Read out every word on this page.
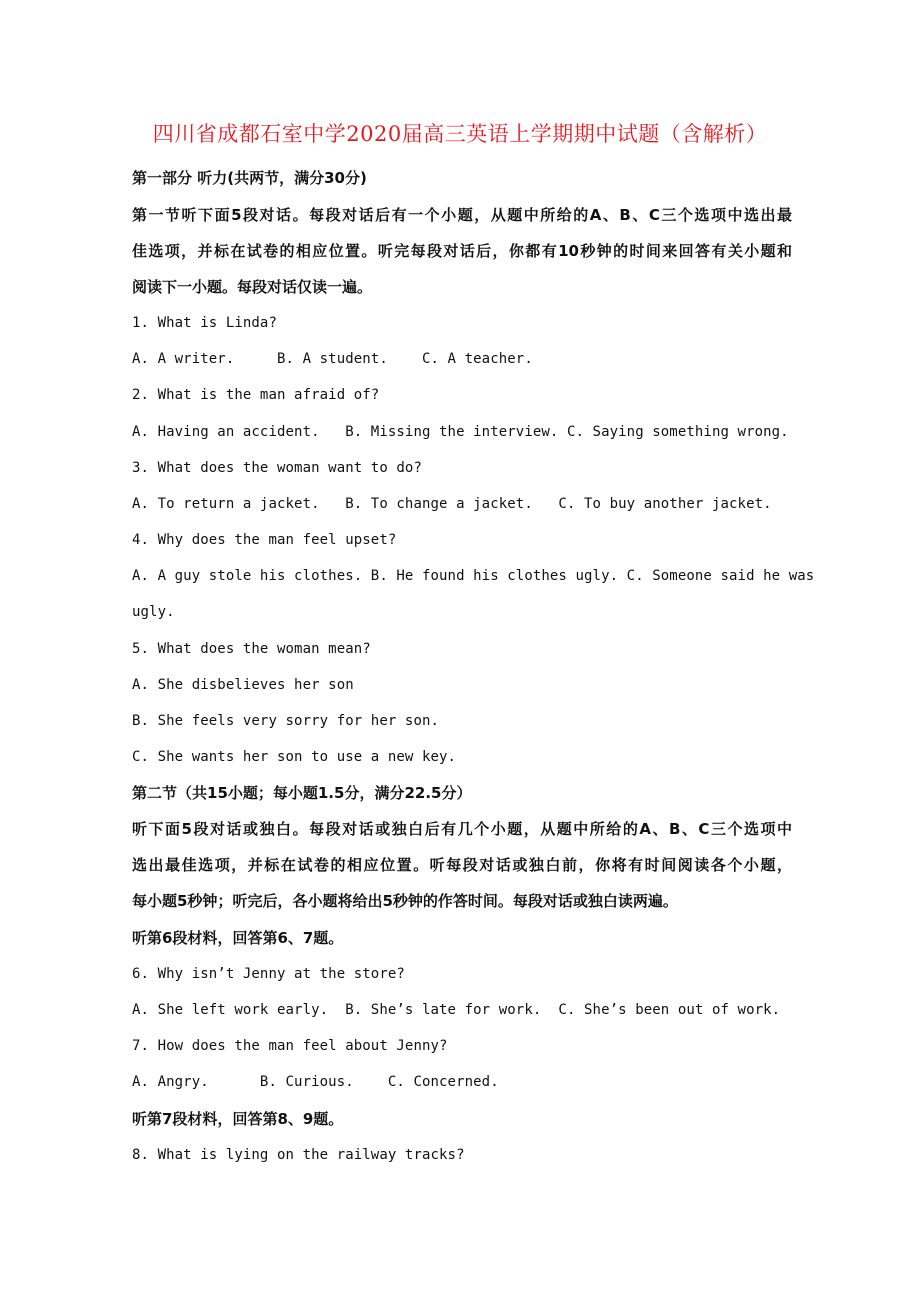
四川省成都石室中学2020届高三英语上学期期中试题（含解析）
第一部分 听力(共两节，满分30分)
第一节听下面5段对话。每段对话后有一个小题，从题中所给的A、B、C三个选项中选出最
佳选项，并标在试卷的相应位置。听完每段对话后，你都有10秒钟的时间来回答有关小题和
阅读下一小题。每段对话仅读一遍。
1. What is Linda?
A. A writer.     B. A student.    C. A teacher.
2. What is the man afraid of?
A. Having an accident.   B. Missing the interview. C. Saying something wrong.
3. What does the woman want to do?
A. To return a jacket.   B. To change a jacket.   C. To buy another jacket.
4. Why does the man feel upset?
A. A guy stole his clothes. B. He found his clothes ugly. C. Someone said he was
ugly.
5. What does the woman mean?
A. She disbelieves her son
B. She feels very sorry for her son.
C. She wants her son to use a new key.
第二节（共15小题；每小题1.5分，满分22.5分）
听下面5段对话或独白。每段对话或独白后有几个小题，从题中所给的A、B、C三个选项中
选出最佳选项，并标在试卷的相应位置。听每段对话或独白前，你将有时间阅读各个小题，
每小题5秒钟；听完后，各小题将给出5秒钟的作答时间。每段对话或独白读两遍。
听第6段材料，回答第6、7题。
6. Why isn’t Jenny at the store?
A. She left work early.  B. She’s late for work.  C. She’s been out of work.
7. How does the man feel about Jenny?
A. Angry.      B. Curious.    C. Concerned.
听第7段材料，回答第8、9题。
8. What is lying on the railway tracks?
